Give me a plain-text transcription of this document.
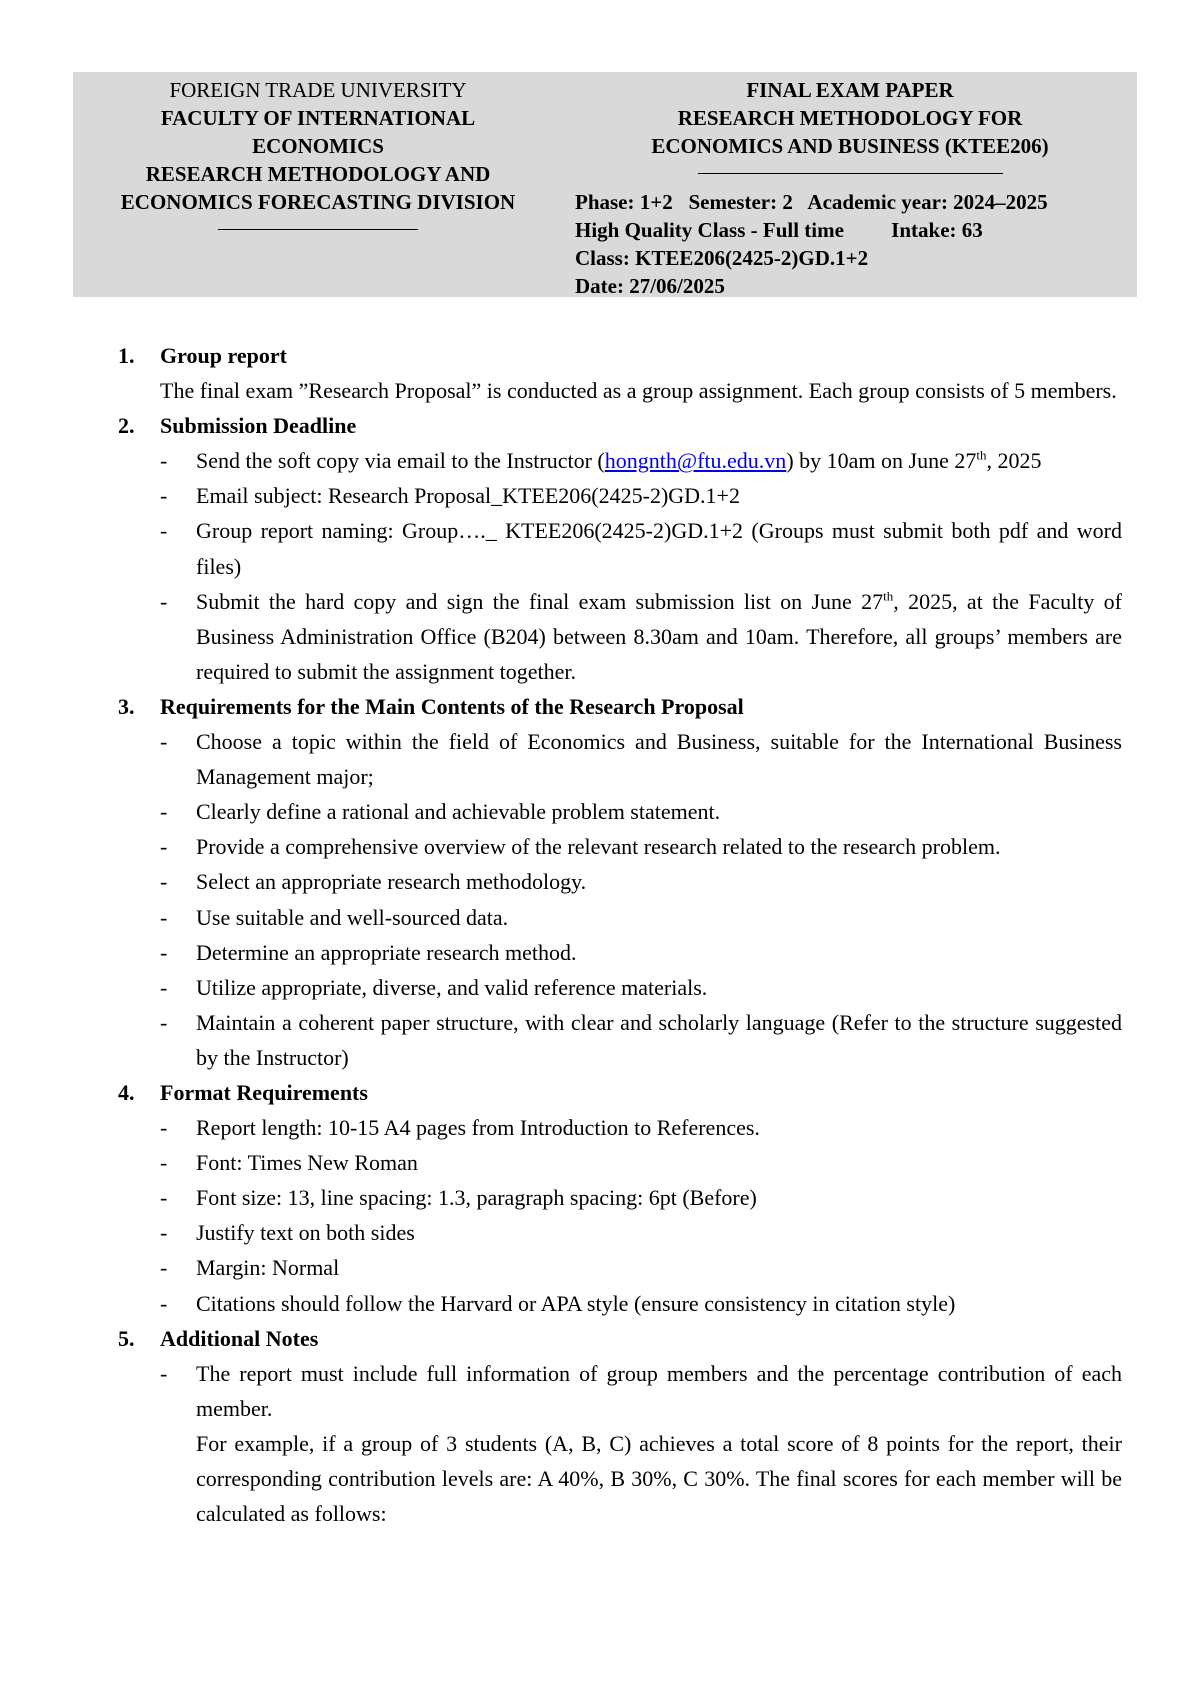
FOREIGN TRADE UNIVERSITY
FACULTY OF INTERNATIONAL
ECONOMICS
RESEARCH METHODOLOGY AND
ECONOMICS FORECASTING DIVISION
FINAL EXAM PAPER
RESEARCH METHODOLOGY FOR
ECONOMICS AND BUSINESS (KTEE206)
Phase: 1+2   Semester: 2   Academic year: 2024–2025
High Quality Class - Full time         Intake: 63
Class: KTEE206(2425-2)GD.1+2
Date: 27/06/2025
1. Group report
The final exam ”Research Proposal” is conducted as a group assignment. Each group consists of 5 members.
2. Submission Deadline
- Send the soft copy via email to the Instructor (hongnth@ftu.edu.vn) by 10am on June 27th, 2025
- Email subject: Research Proposal_KTEE206(2425-2)GD.1+2
- Group report naming: Group…._ KTEE206(2425-2)GD.1+2 (Groups must submit both pdf and word files)
- Submit the hard copy and sign the final exam submission list on June 27th, 2025, at the Faculty of Business Administration Office (B204) between 8.30am and 10am. Therefore, all groups’ members are required to submit the assignment together.
3. Requirements for the Main Contents of the Research Proposal
- Choose a topic within the field of Economics and Business, suitable for the International Business Management major;
- Clearly define a rational and achievable problem statement.
- Provide a comprehensive overview of the relevant research related to the research problem.
- Select an appropriate research methodology.
- Use suitable and well-sourced data.
- Determine an appropriate research method.
- Utilize appropriate, diverse, and valid reference materials.
- Maintain a coherent paper structure, with clear and scholarly language (Refer to the structure suggested by the Instructor)
4. Format Requirements
- Report length: 10-15 A4 pages from Introduction to References.
- Font: Times New Roman
- Font size: 13, line spacing: 1.3, paragraph spacing: 6pt (Before)
- Justify text on both sides
- Margin: Normal
- Citations should follow the Harvard or APA style (ensure consistency in citation style)
5. Additional Notes
- The report must include full information of group members and the percentage contribution of each member.
For example, if a group of 3 students (A, B, C) achieves a total score of 8 points for the report, their corresponding contribution levels are: A 40%, B 30%, C 30%. The final scores for each member will be calculated as follows:
